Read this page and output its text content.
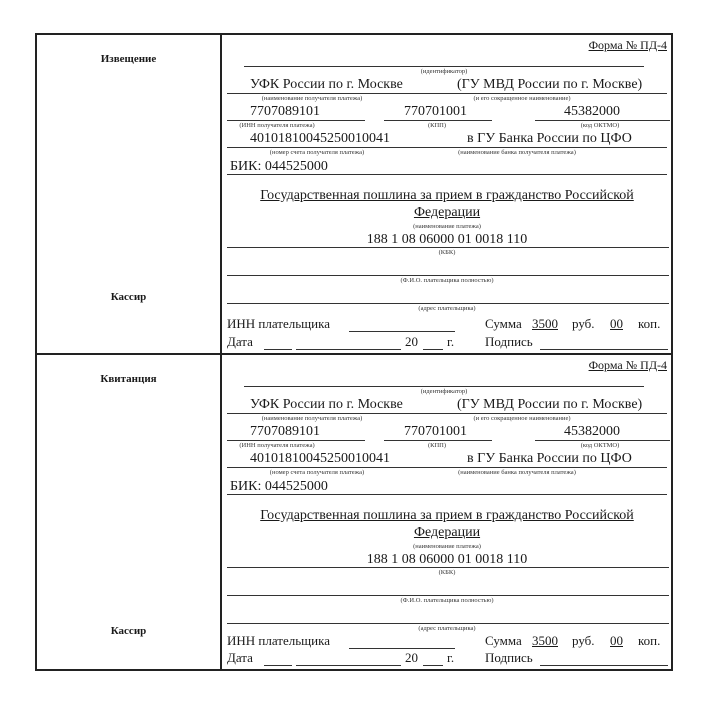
Извещение
Кассир
Форма № ПД-4
(идентификатор)
УФК России по г. Москве	(ГУ МВД России по г. Москве)
(наименование получателя платежа)	(и его сокращенное наименование)
7707089101
(ИНН получателя платежа)
770701001
(КПП)
45382000
(код ОКТМО)
40101810045250010041	в ГУ Банка России по ЦФО
(номер счета получателя платежа)	(наименование банка получателя платежа)
БИК: 044525000
Государственная пошлина за прием в гражданство Российской
Федерации
(наименование платежа)
188 1 08 06000 01 0018 110
(КБК)
(Ф.И.О. плательщика полностью)
(адрес плательщика)
ИНН плательщика	Сумма 3500 руб. 00 коп.
Дата	20 г. Подпись
Квитанция
Кассир
Форма № ПД-4
(идентификатор)
УФК России по г. Москве	(ГУ МВД России по г. Москве)
(наименование получателя платежа)	(и его сокращенное наименование)
7707089101
(ИНН получателя платежа)
770701001
(КПП)
45382000
(код ОКТМО)
40101810045250010041	в ГУ Банка России по ЦФО
(номер счета получателя платежа)	(наименование банка получателя платежа)
БИК: 044525000
Государственная пошлина за прием в гражданство Российской
Федерации
(наименование платежа)
188 1 08 06000 01 0018 110
(КБК)
(Ф.И.О. плательщика полностью)
(адрес плательщика)
ИНН плательщика	Сумма 3500 руб. 00 коп.
Дата	20 г. Подпись
